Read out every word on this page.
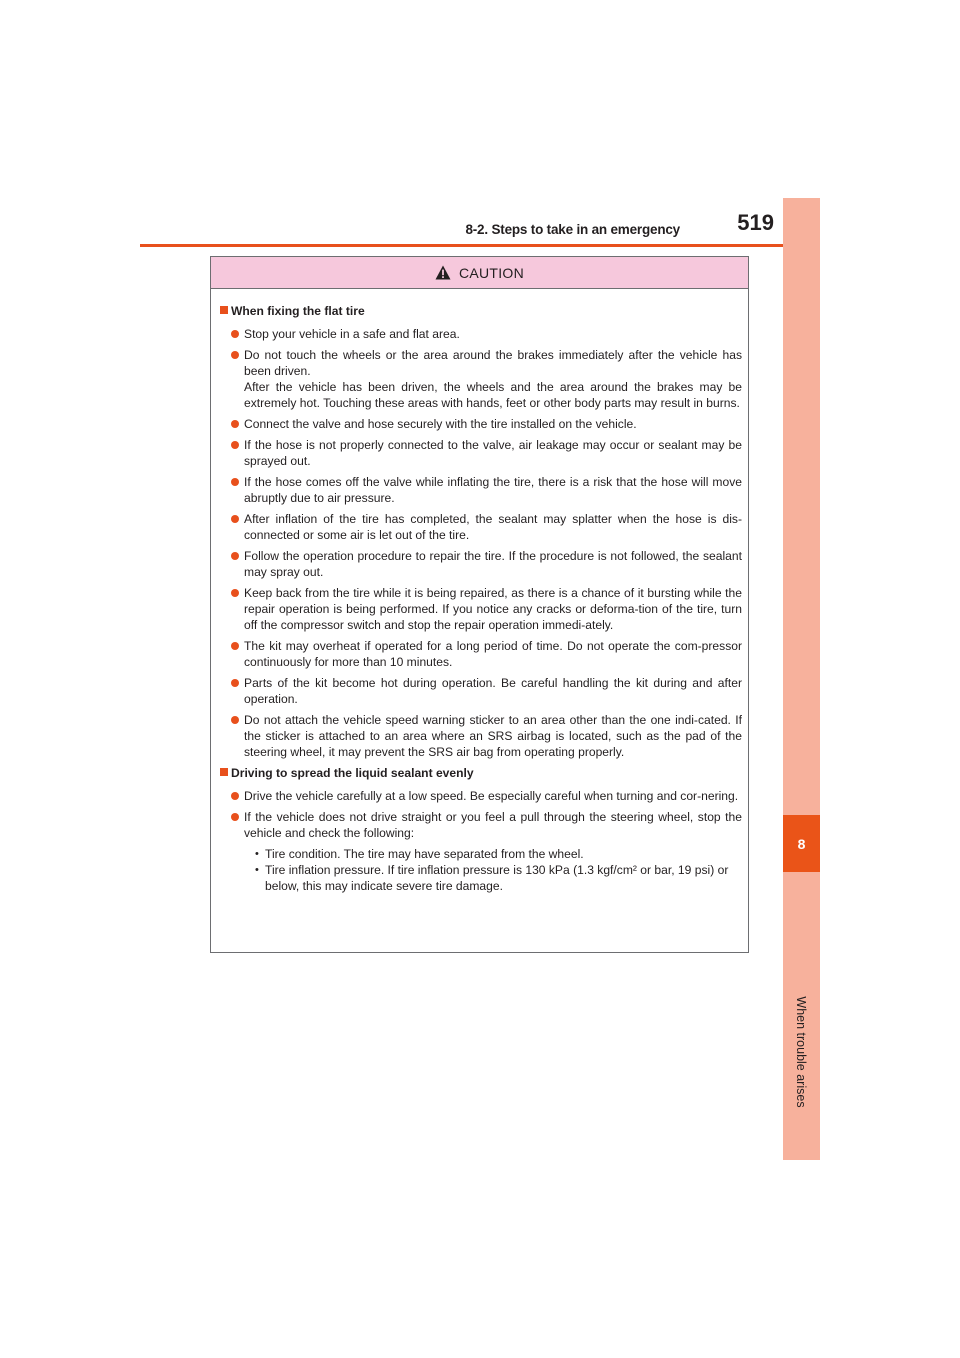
8-2. Steps to take in an emergency	519
8
When trouble arises
CAUTION
When fixing the flat tire

Stop your vehicle in a safe and flat area.

Do not touch the wheels or the area around the brakes immediately after the vehicle has been driven.

After the vehicle has been driven, the wheels and the area around the brakes may be extremely hot. Touching these areas with hands, feet or other body parts may result in burns.

Connect the valve and hose securely with the tire installed on the vehicle.

If the hose is not properly connected to the valve, air leakage may occur or sealant may be sprayed out.

If the hose comes off the valve while inflating the tire, there is a risk that the hose will move abruptly due to air pressure.

After inflation of the tire has completed, the sealant may splatter when the hose is dis-connected or some air is let out of the tire.

Follow the operation procedure to repair the tire. If the procedure is not followed, the sealant may spray out.

Keep back from the tire while it is being repaired, as there is a chance of it bursting while the repair operation is being performed. If you notice any cracks or deforma-tion of the tire, turn off the compressor switch and stop the repair operation immedi-ately.

The kit may overheat if operated for a long period of time. Do not operate the com-pressor continuously for more than 10 minutes.

Parts of the kit become hot during operation. Be careful handling the kit during and after operation.

Do not attach the vehicle speed warning sticker to an area other than the one indi-cated. If the sticker is attached to an area where an SRS airbag is located, such as the pad of the steering wheel, it may prevent the SRS air bag from operating properly.

Driving to spread the liquid sealant evenly

Drive the vehicle carefully at a low speed. Be especially careful when turning and cor-nering.

If the vehicle does not drive straight or you feel a pull through the steering wheel, stop the vehicle and check the following:

• Tire condition. The tire may have separated from the wheel.

• Tire inflation pressure. If tire inflation pressure is 130 kPa (1.3 kgf/cm² or bar, 19 psi) or below, this may indicate severe tire damage.
